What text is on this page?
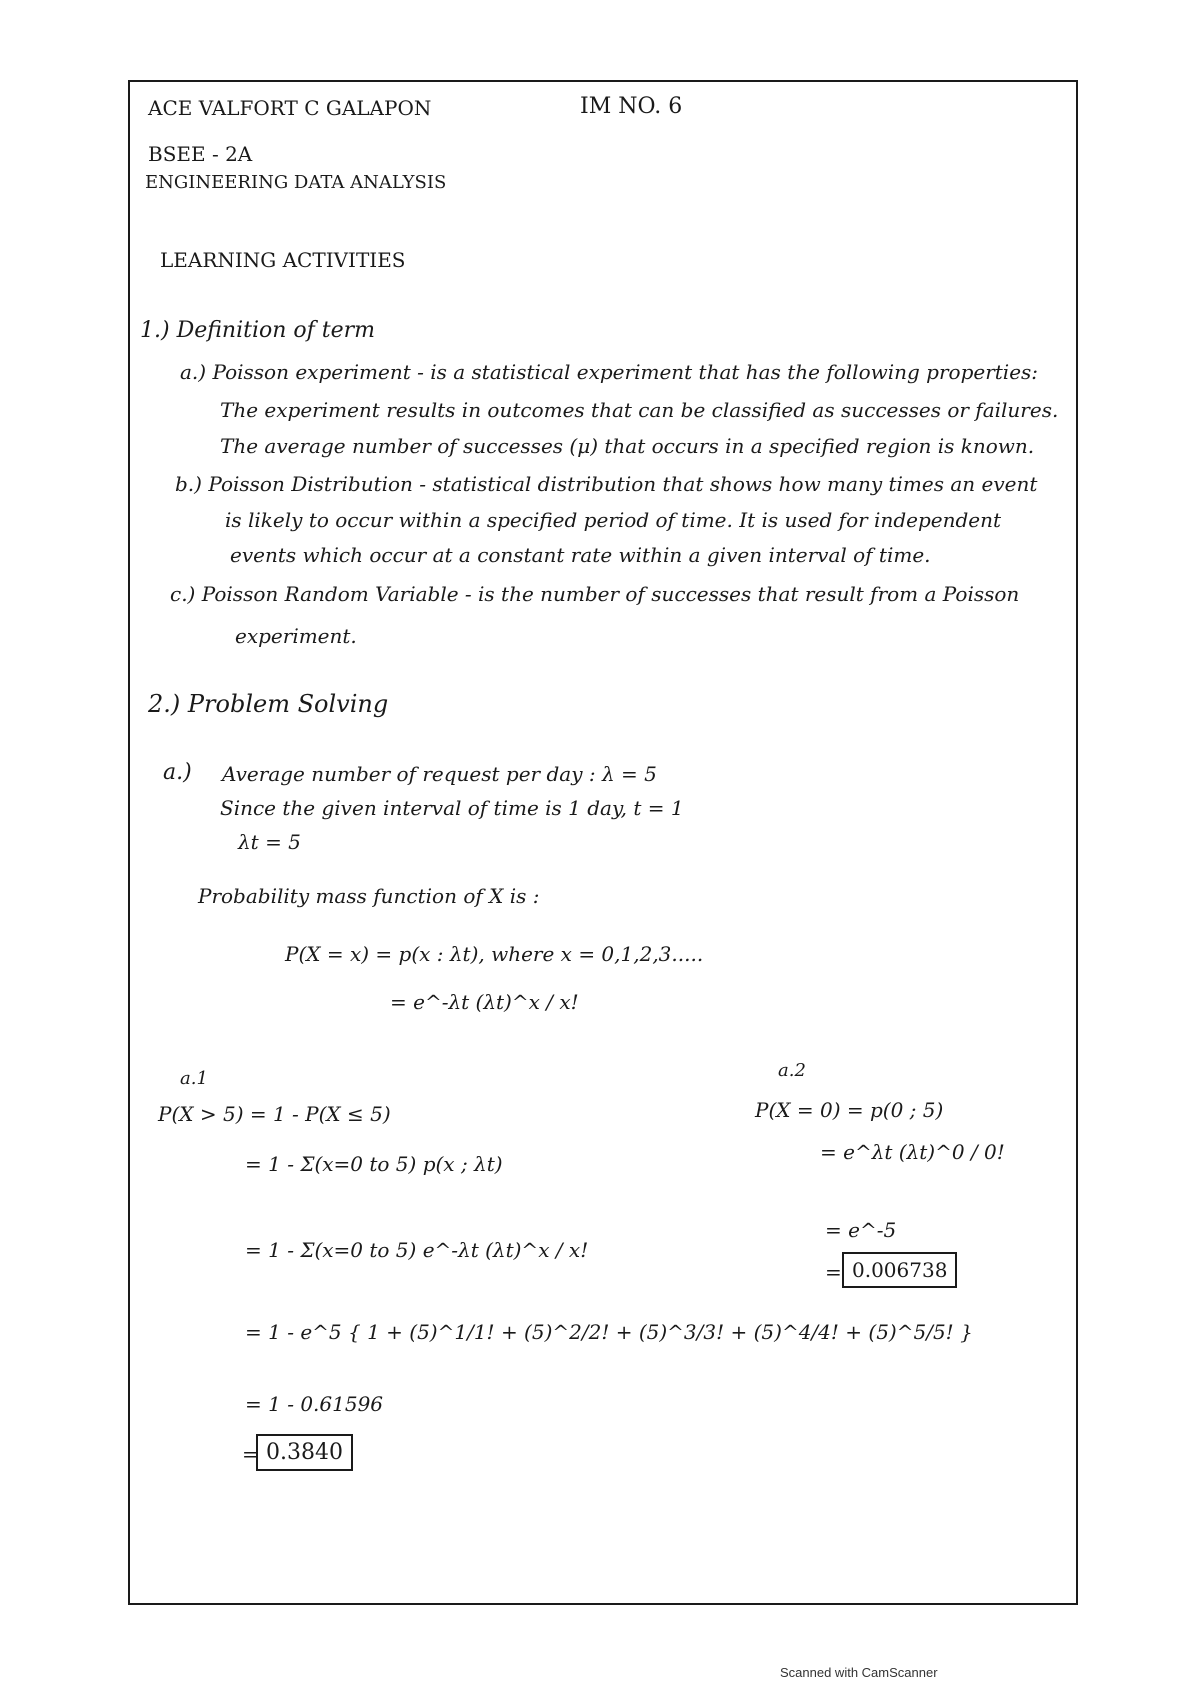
ACE VALFORT C GALAPON	IM NO. 6
BSEE - 2A
ENGINEERING DATA ANALYSIS
LEARNING ACTIVITIES
1.) Definition of term
a.) Poisson experiment - is a statistical experiment that has the following properties:
The experiment results in outcomes that can be classified as successes or failures.
The average number of successes (μ) that occurs in a specified region is known.
b.) Poisson Distribution - statistical distribution that shows how many times an event
is likely to occur within a specified period of time. It is used for independent
events which occur at a constant rate within a given interval of time.
c.) Poisson Random Variable - is the number of successes that result from a Poisson
experiment.
2.) Problem Solving
a.) Average number of request per day : λ = 5
Since the given interval of time is 1 day, t = 1
λt = 5
Probability mass function of X is :
P(X = x) = p(x : λt), where x = 0,1,2,3.....
= e^-λt (λt)^x / x!
a.1
P(X > 5) = 1 - P(X ≤ 5)
= 1 - Σ(x=0 to 5) p(x ; λt)
= 1 - Σ(x=0 to 5) e^-λt (λt)^x / x!
= 1 - e^5 { 1 + (5)^1/1! + (5)^2/2! + (5)^3/3! + (5)^4/4! + (5)^5/5! }
= 1 - 0.61596
= 0.3840
a.2
P(X = 0) = p(0 ; 5)
= e^λt (λt)^0 / 0!
= e^-5
= 0.006738
Scanned with CamScanner
